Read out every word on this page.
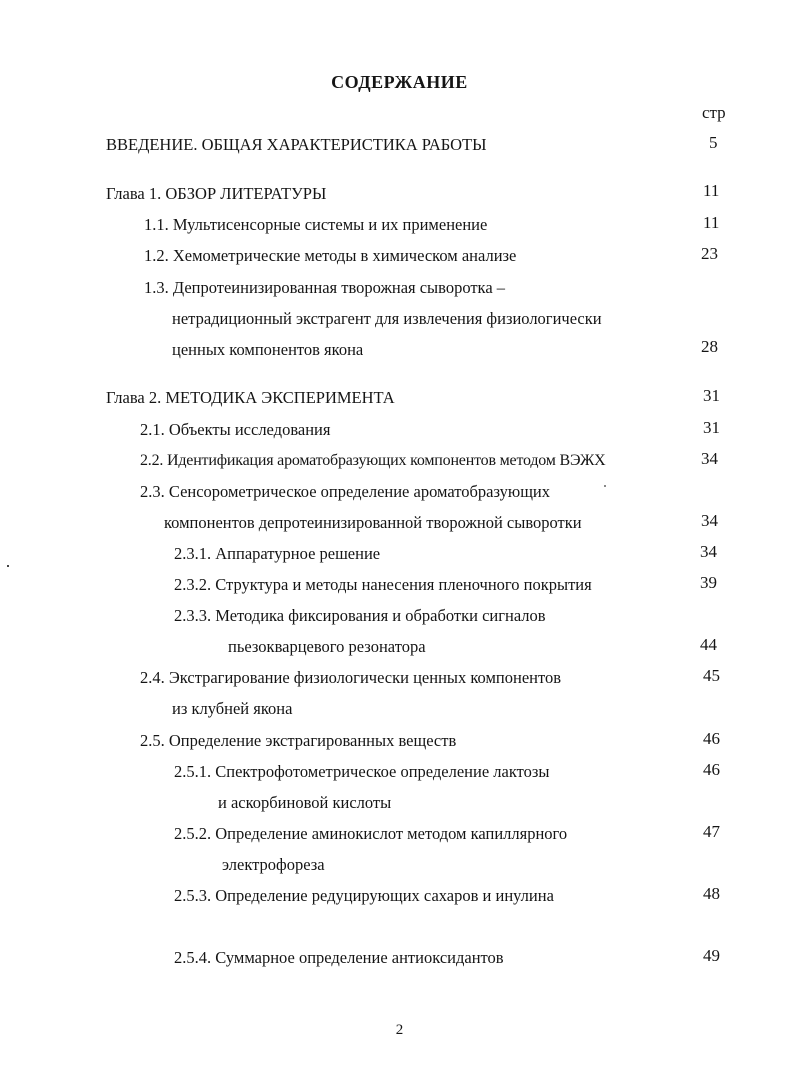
СОДЕРЖАНИЕ
стр
ВВЕДЕНИЕ. ОБЩАЯ ХАРАКТЕРИСТИКА РАБОТЫ	5
Глава 1. ОБЗОР ЛИТЕРАТУРЫ	11
1.1. Мультисенсорные системы и их применение	11
1.2. Хемометрические методы в химическом анализе	23
1.3. Депротеинизированная творожная сыворотка –
нетрадиционный экстрагент для извлечения физиологически
ценных компонентов якона	28
Глава 2. МЕТОДИКА ЭКСПЕРИМЕНТА	31
2.1. Объекты исследования	31
2.2. Идентификация ароматобразующих компонентов методом ВЭЖХ	34
2.3. Сенсорометрическое определение ароматобразующих
компонентов депротеинизированной творожной сыворотки	34
2.3.1. Аппаратурное решение	34
2.3.2. Структура и методы нанесения пленочного покрытия	39
2.3.3. Методика фиксирования и обработки сигналов
пьезокварцевого резонатора	44
2.4. Экстрагирование физиологически ценных компонентов	45
из клубней якона
2.5. Определение экстрагированных веществ	46
2.5.1. Спектрофотометрическое определение лактозы	46
и аскорбиновой кислоты
2.5.2. Определение аминокислот методом капиллярного	47
электрофореза
2.5.3. Определение редуцирующих сахаров и инулина	48
2.5.4. Суммарное определение антиоксидантов	49
2
